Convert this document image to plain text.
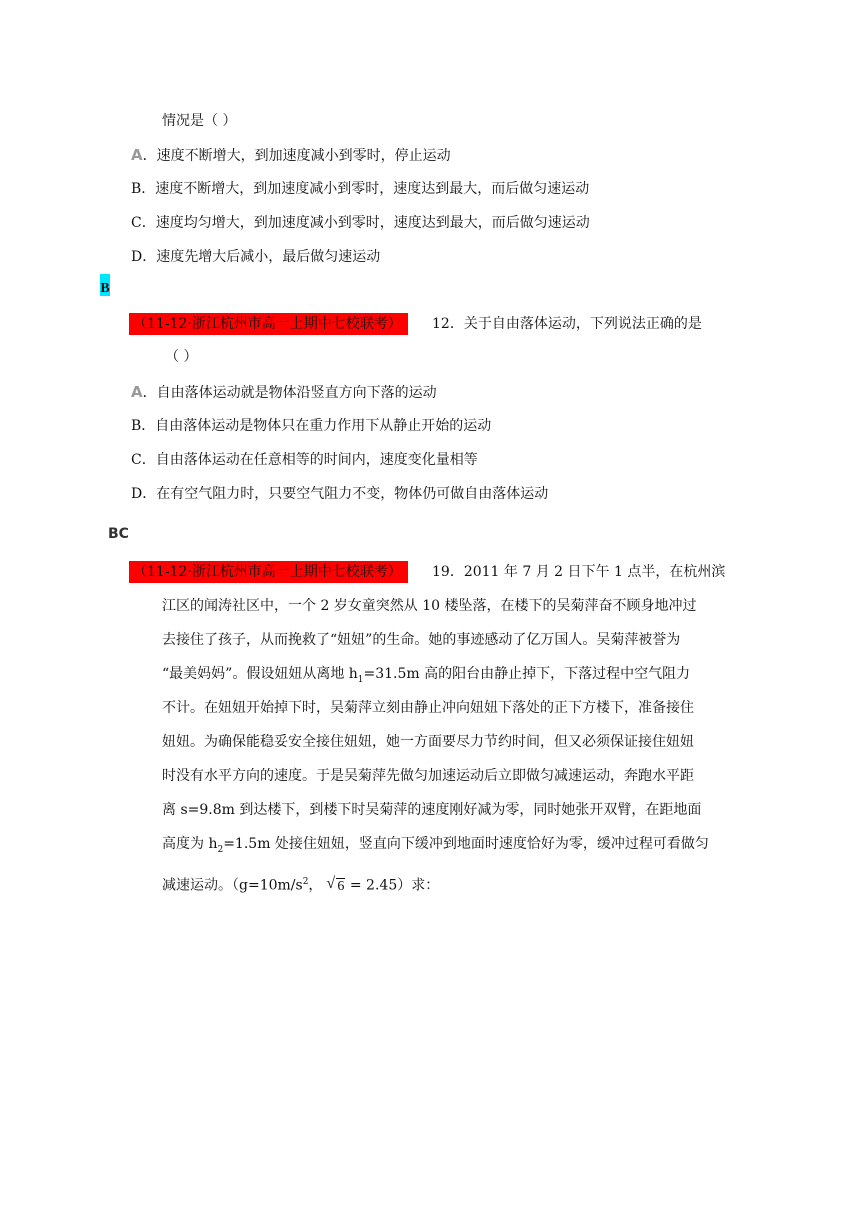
情况是（ ）
A．速度不断增大，到加速度减小到零时，停止运动
B．速度不断增大，到加速度减小到零时，速度达到最大，而后做匀速运动
C．速度均匀增大，到加速度减小到零时，速度达到最大，而后做匀速运动
D．速度先增大后减小，最后做匀速运动
B
（11-12·浙江杭州市高一上期中七校联考）	12．关于自由落体运动，下列说法正确的是
（ ）
A．自由落体运动就是物体沿竖直方向下落的运动
B．自由落体运动是物体只在重力作用下从静止开始的运动
C．自由落体运动在任意相等的时间内，速度变化量相等
D．在有空气阻力时，只要空气阻力不变，物体仍可做自由落体运动
BC
（11-12·浙江杭州市高一上期中七校联考）	19．2011 年 7 月 2 日下午 1 点半，在杭州滨
江区的闻涛社区中，一个 2 岁女童突然从 10 楼坠落，在楼下的吴菊萍奋不顾身地冲过
去接住了孩子，从而挽救了“妞妞”的生命。她的事迹感动了亿万国人。吴菊萍被誉为
“最美妈妈”。假设妞妞从离地 $h_1=31.5m$ 高的阳台由静止掉下，下落过程中空气阻力
不计。在妞妞开始掉下时，吴菊萍立刻由静止冲向妞妞下落处的正下方楼下，准备接住
妞妞。为确保能稳妥安全接住妞妞，她一方面要尽力节约时间，但又必须保证接住妞妞
时没有水平方向的速度。于是吴菊萍先做匀加速运动后立即做匀减速运动，奔跑水平距
离 s=9.8m 到达楼下，到楼下时吴菊萍的速度刚好减为零，同时她张开双臂，在距地面
高度为 $h_2=1.5m$ 处接住妞妞，竖直向下缓冲到地面时速度恰好为零，缓冲过程可看做匀
减速运动。（$g=10m/s^2$， √ 6 = 2.45）求：
